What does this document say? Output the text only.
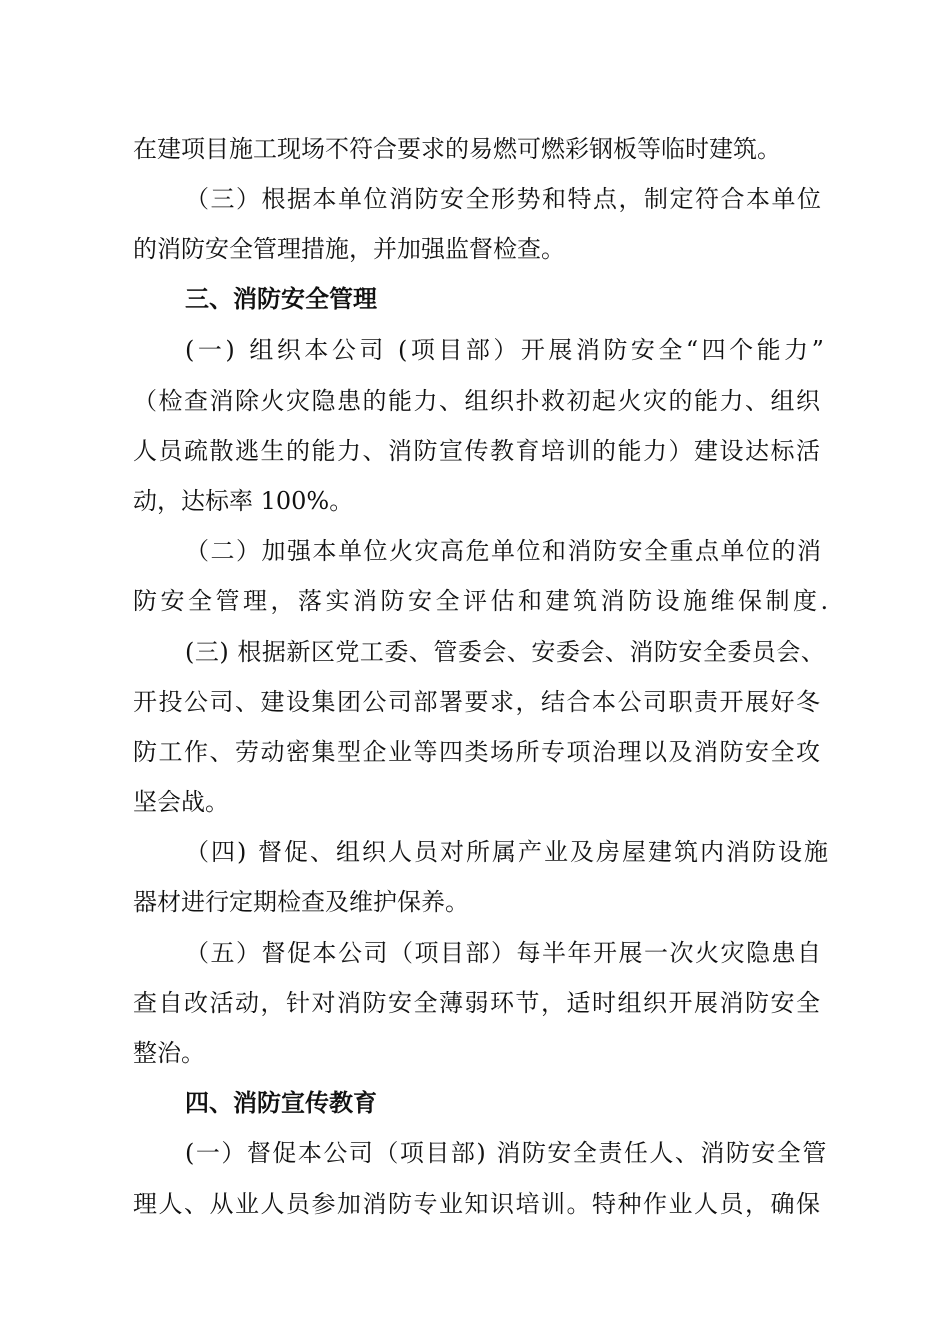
在建项目施工现场不符合要求的易燃可燃彩钢板等临时建筑。
（三）根据本单位消防安全形势和特点，制定符合本单位
的消防安全管理措施，并加强监督检查。
三、消防安全管理
(一) 组织本公司 (项目部）开展消防安全“四个能力”
（检查消除火灾隐患的能力、组织扑救初起火灾的能力、组织
人员疏散逃生的能力、消防宣传教育培训的能力）建设达标活
动，达标率 100%。
（二）加强本单位火灾高危单位和消防安全重点单位的消
防安全管理，落实消防安全评估和建筑消防设施维保制度.
(三) 根据新区党工委、管委会、安委会、消防安全委员会、
开投公司、建设集团公司部署要求，结合本公司职责开展好冬
防工作、劳动密集型企业等四类场所专项治理以及消防安全攻
坚会战。
（四) 督促、组织人员对所属产业及房屋建筑内消防设施
器材进行定期检查及维护保养。
（五）督促本公司（项目部）每半年开展一次火灾隐患自
查自改活动，针对消防安全薄弱环节，适时组织开展消防安全
整治。
四、消防宣传教育
(一）督促本公司（项目部) 消防安全责任人、消防安全管
理人、从业人员参加消防专业知识培训。特种作业人员，确保
